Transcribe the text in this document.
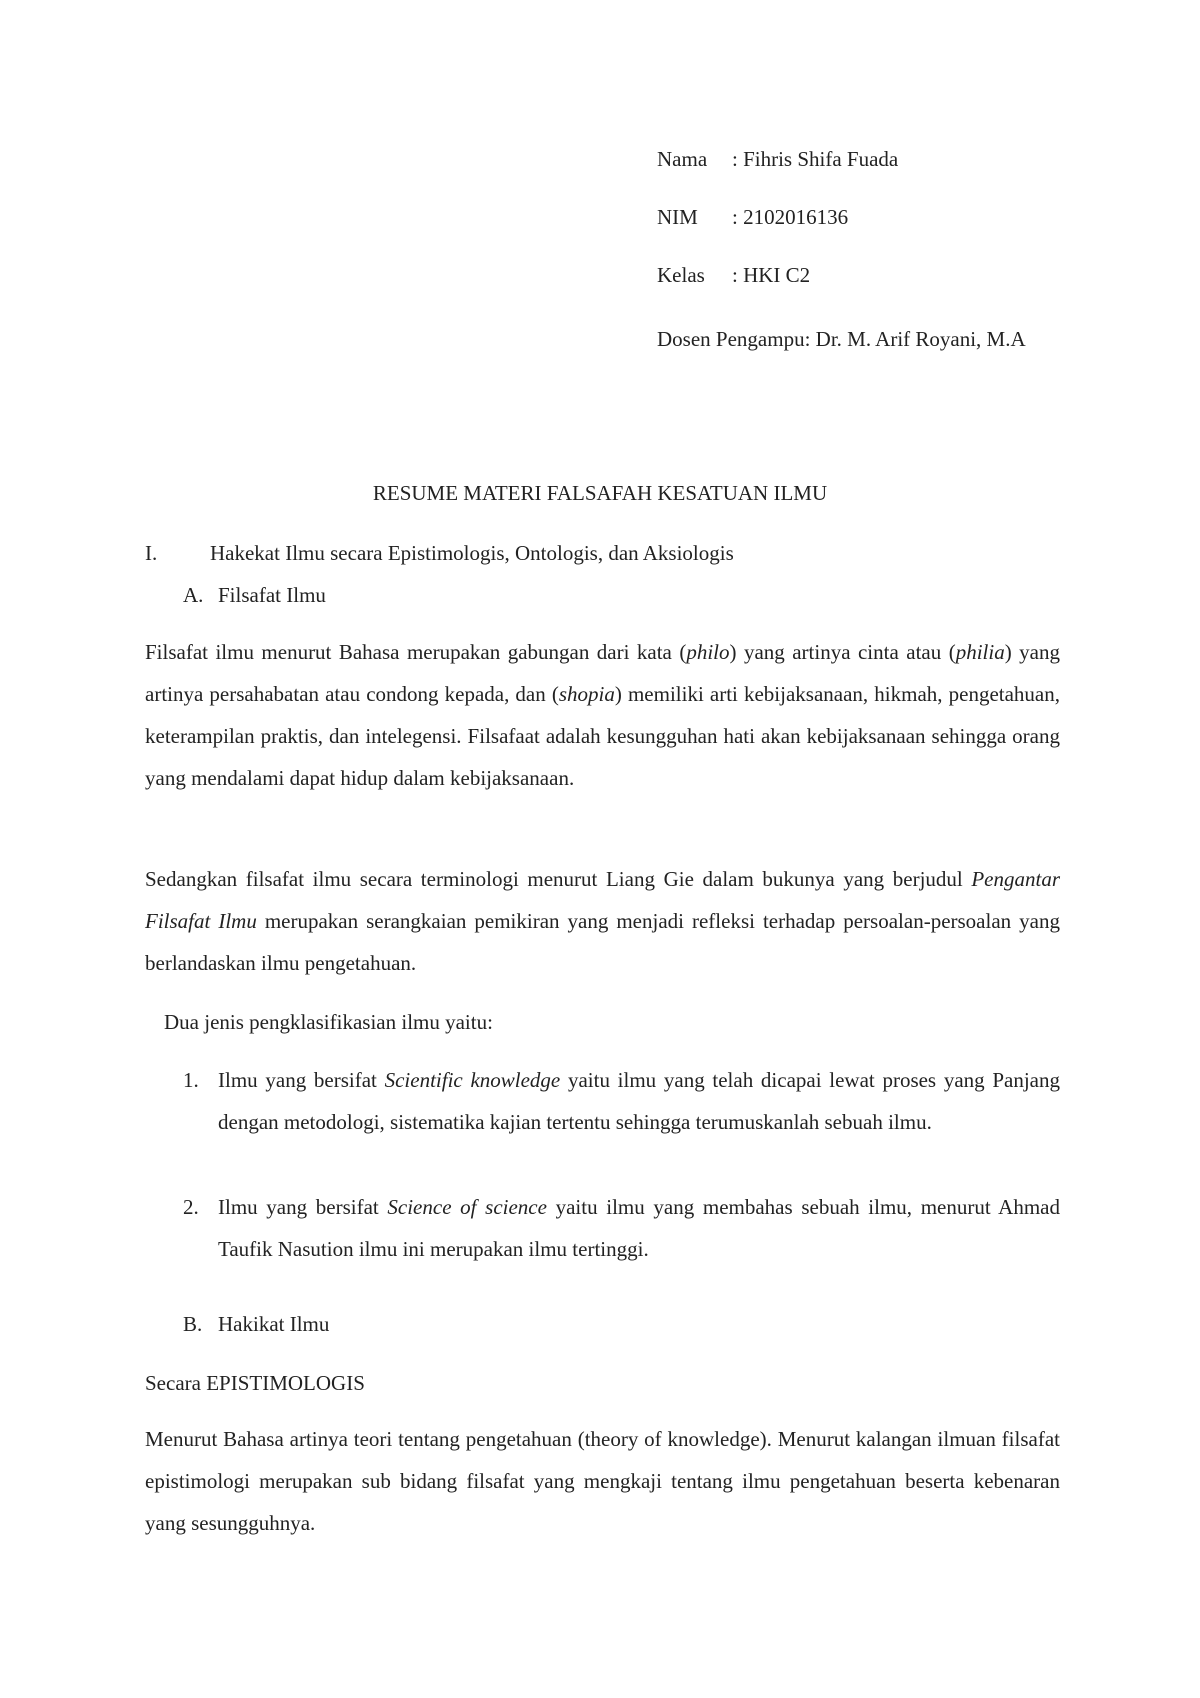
Nama	: Fihris Shifa Fuada
NIM	: 2102016136
Kelas	: HKI C2
Dosen Pengampu: Dr. M. Arif Royani, M.A
RESUME MATERI FALSAFAH KESATUAN ILMU
I.	Hakekat Ilmu secara Epistimologis, Ontologis, dan Aksiologis
A. Filsafat Ilmu

Filsafat ilmu menurut Bahasa merupakan gabungan dari kata (philo) yang artinya cinta atau (philia) yang artinya persahabatan atau condong kepada, dan (shopia) memiliki arti kebijaksanaan, hikmah, pengetahuan, keterampilan praktis, dan intelegensi. Filsafaat adalah kesungguhan hati akan kebijaksanaan sehingga orang yang mendalami dapat hidup dalam kebijaksanaan.

Sedangkan filsafat ilmu secara terminologi menurut Liang Gie dalam bukunya yang berjudul Pengantar Filsafat Ilmu merupakan serangkaian pemikiran yang menjadi refleksi terhadap persoalan-persoalan yang berlandaskan ilmu pengetahuan.

Dua jenis pengklasifikasian ilmu yaitu:

1. Ilmu yang bersifat Scientific knowledge yaitu ilmu yang telah dicapai lewat proses yang Panjang dengan metodologi, sistematika kajian tertentu sehingga terumuskanlah sebuah ilmu.

2. Ilmu yang bersifat Science of science yaitu ilmu yang membahas sebuah ilmu, menurut Ahmad Taufik Nasution ilmu ini merupakan ilmu tertinggi.

B. Hakikat Ilmu
Secara EPISTIMOLOGIS

Menurut Bahasa artinya teori tentang pengetahuan (theory of knowledge). Menurut kalangan ilmuan filsafat epistimologi merupakan sub bidang filsafat yang mengkaji tentang ilmu pengetahuan beserta kebenaran yang sesungguhnya.
